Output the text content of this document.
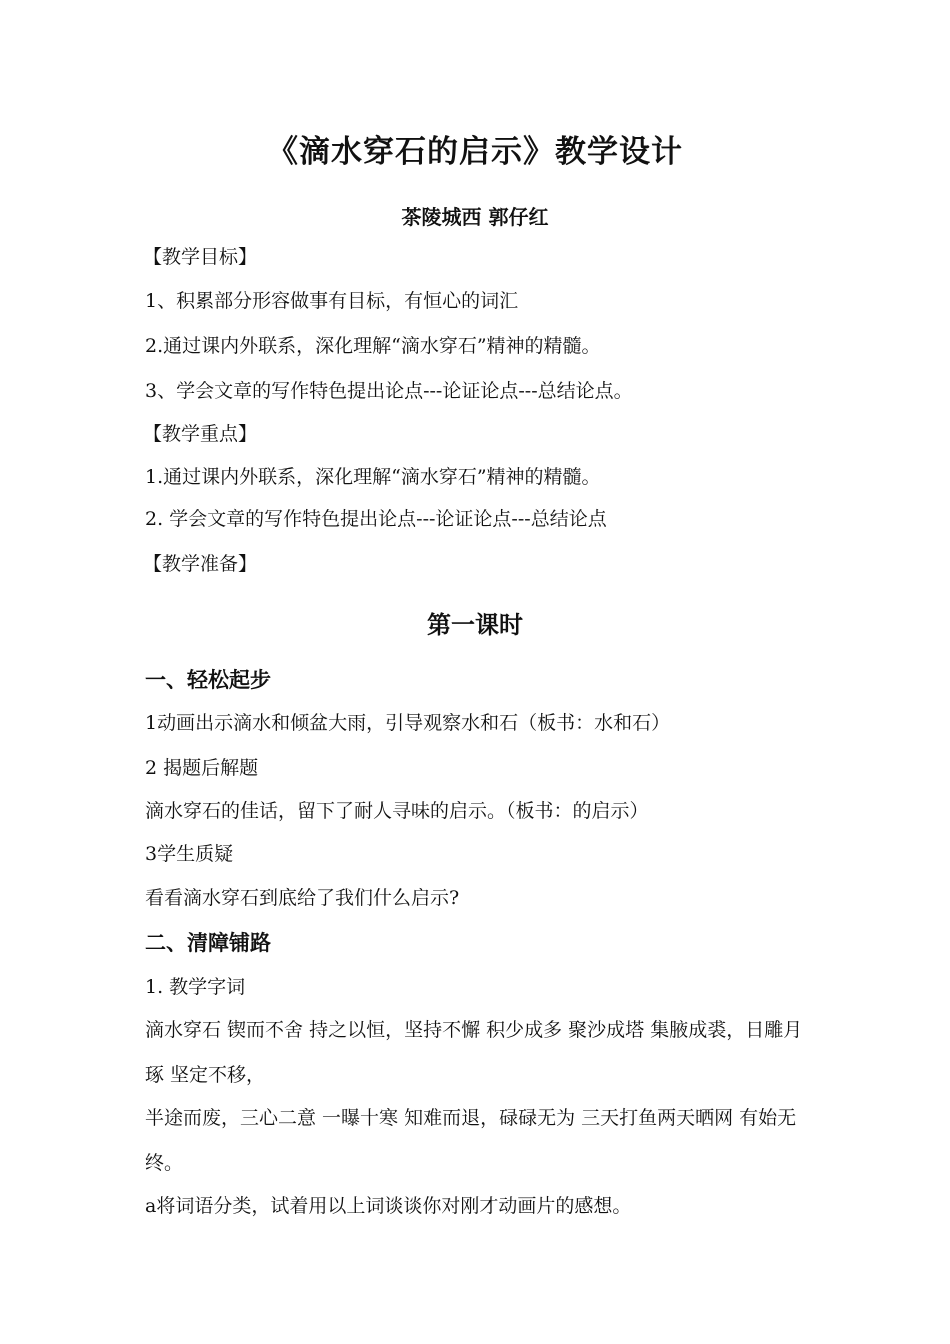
《滴水穿石的启示》教学设计
茶陵城西 郭仔红
【教学目标】
1、积累部分形容做事有目标，有恒心的词汇
2.通过课内外联系，深化理解“滴水穿石”精神的精髓。
3、学会文章的写作特色提出论点---论证论点---总结论点。
【教学重点】
1.通过课内外联系，深化理解“滴水穿石”精神的精髓。
2. 学会文章的写作特色提出论点---论证论点---总结论点
【教学准备】
第一课时
一、轻松起步
1动画出示滴水和倾盆大雨，引导观察水和石（板书：水和石）
2 揭题后解题
滴水穿石的佳话，留下了耐人寻味的启示。（板书：的启示）
3学生质疑
看看滴水穿石到底给了我们什么启示?
二、清障铺路
1. 教学字词
滴水穿石 锲而不舍 持之以恒，坚持不懈 积少成多 聚沙成塔 集腋成裘，日雕月琢 坚定不移，
半途而废，三心二意 一曝十寒 知难而退，碌碌无为 三天打鱼两天晒网 有始无终。
a将词语分类，试着用以上词谈谈你对刚才动画片的感想。
